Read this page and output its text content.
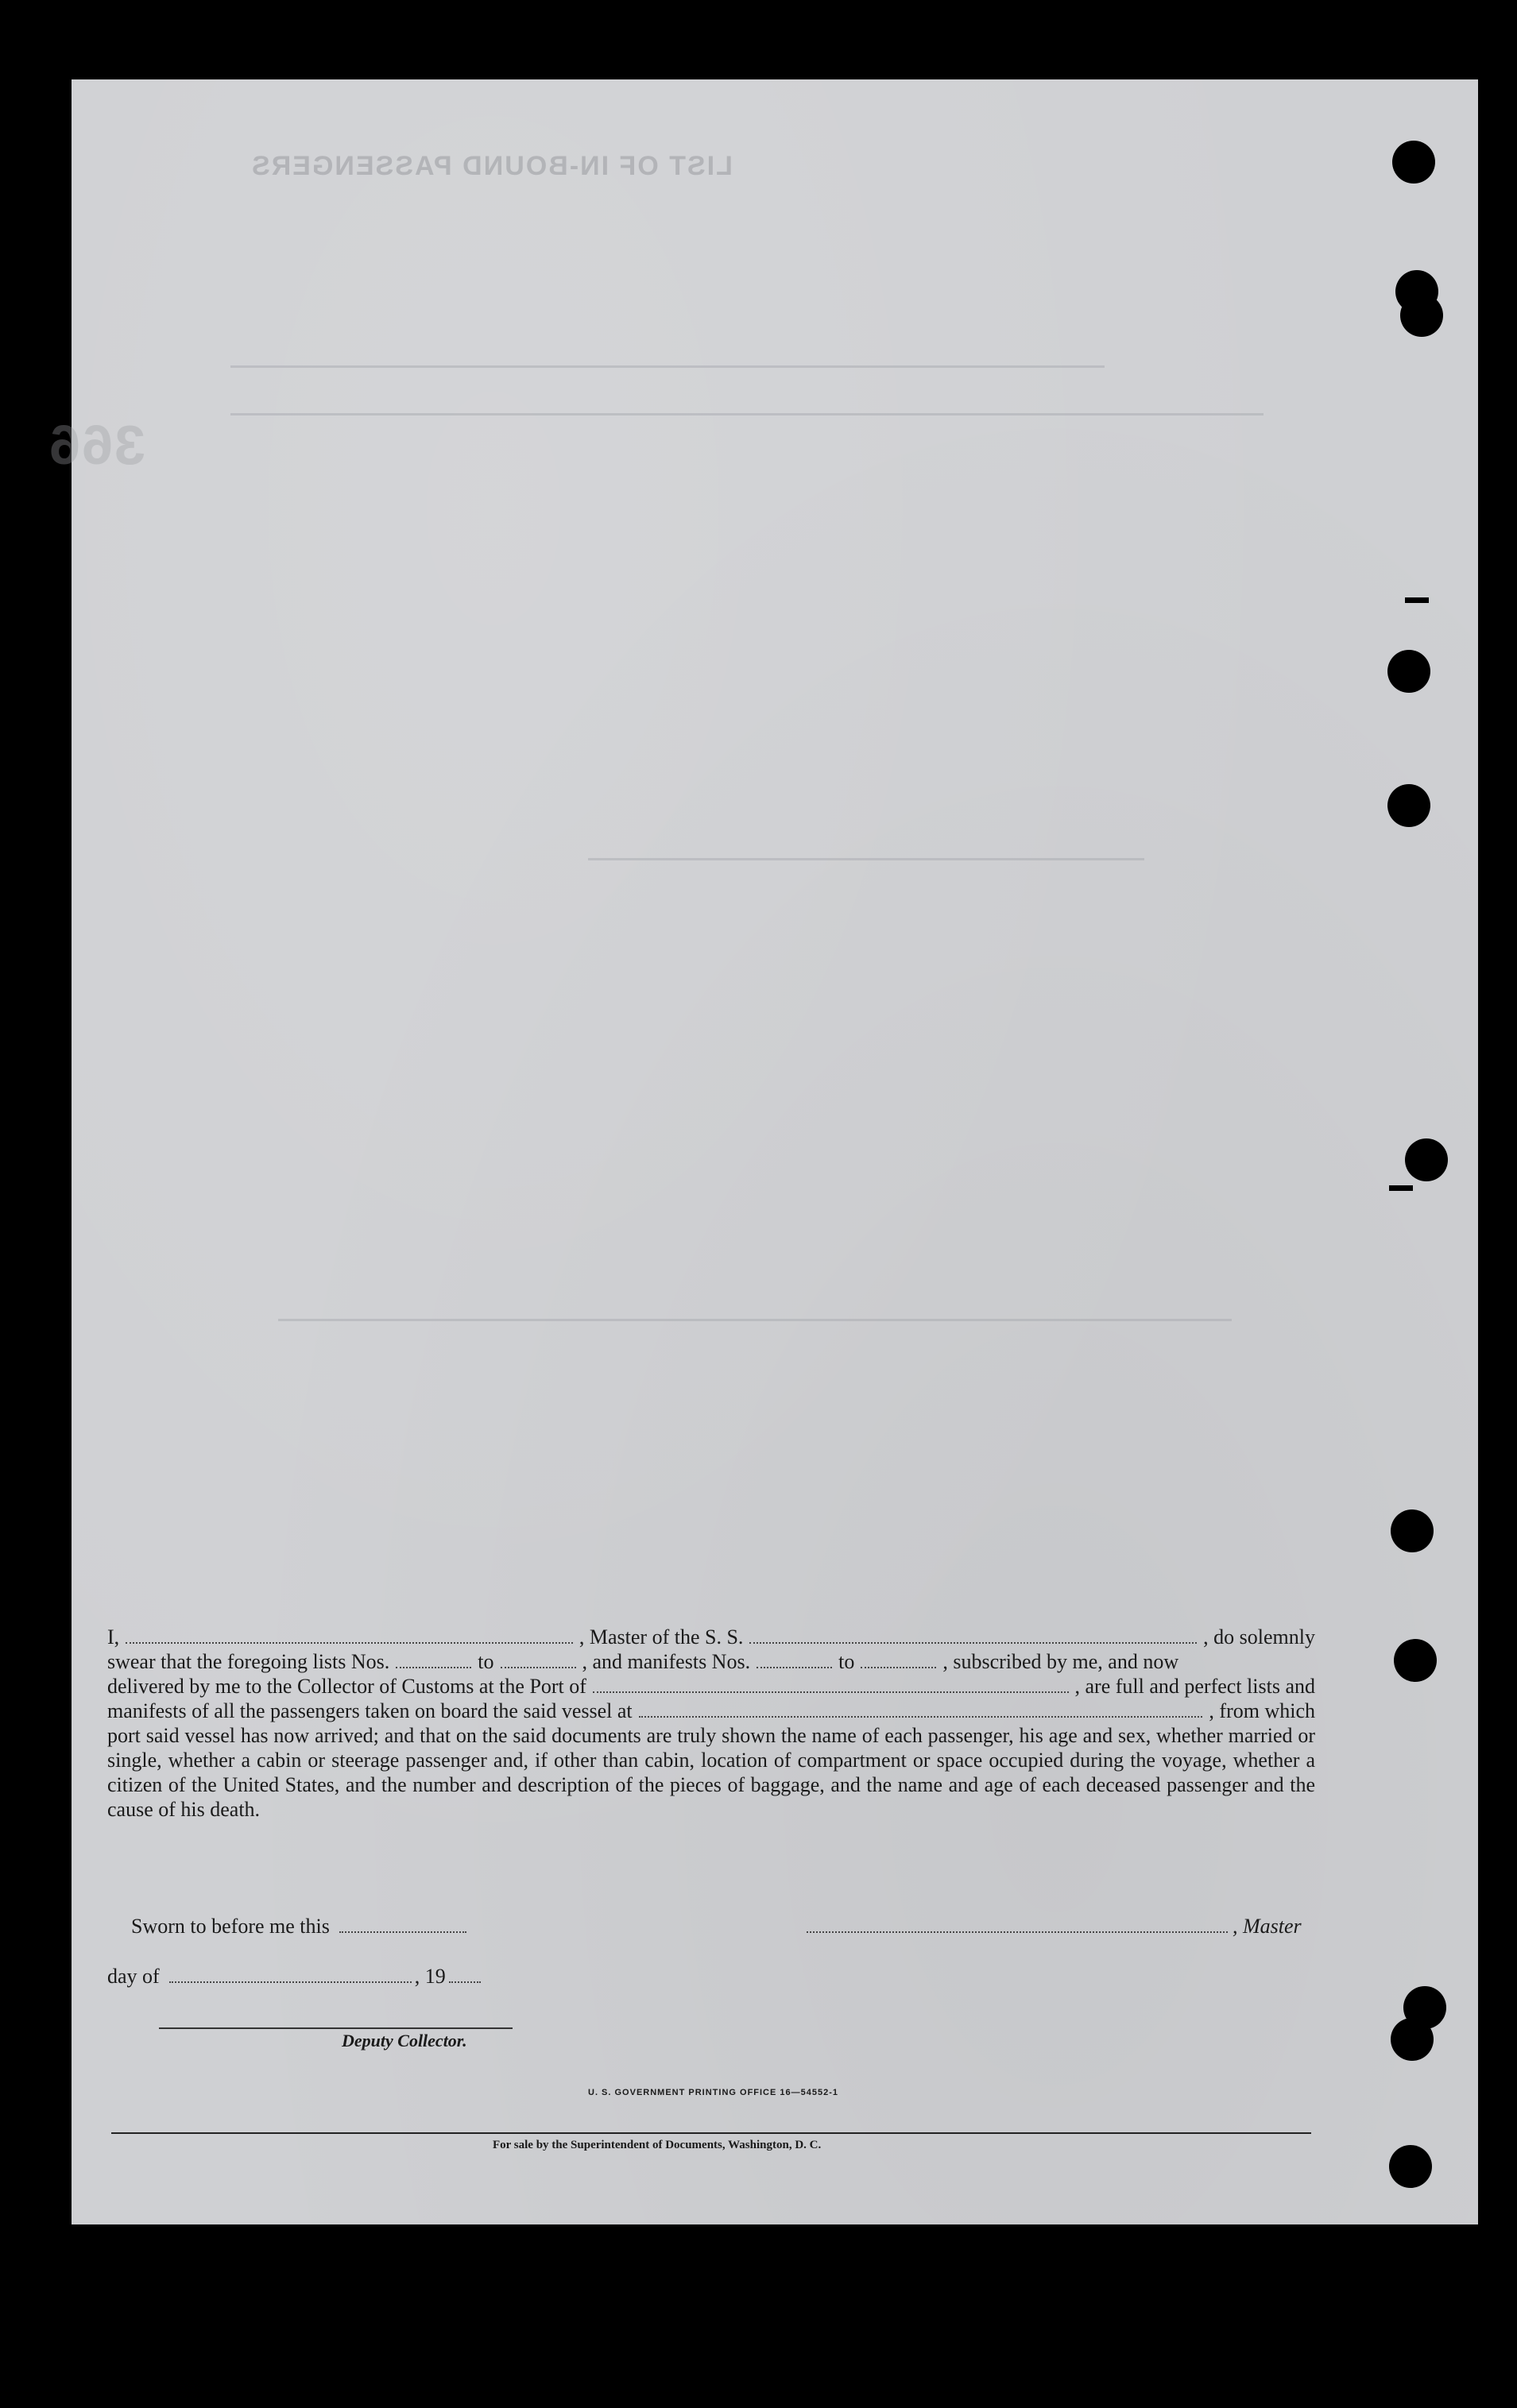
LIST OF IN-BOUND PASSENGERS
366
I,	, Master of the S. S.	, do solemnly
swear that the foregoing lists Nos.	to	, and manifests Nos.	to	, subscribed by me, and now
delivered by me to the Collector of Customs at the Port of	, are full and perfect lists and
manifests of all the passengers taken on board the said vessel at	, from which
port said vessel has now arrived; and that on the said documents are truly shown the name of each passenger, his age and sex, whether married or single, whether a cabin or steerage passenger and, if other than cabin, location of compartment or space occupied during the voyage, whether a citizen of the United States, and the number and description of the pieces of baggage, and the name and age of each deceased passenger and the cause of his death.
Sworn to before me this	, Master
day of	, 19
Deputy Collector.
U. S. GOVERNMENT PRINTING OFFICE 16—54552-1
For sale by the Superintendent of Documents, Washington, D. C.
